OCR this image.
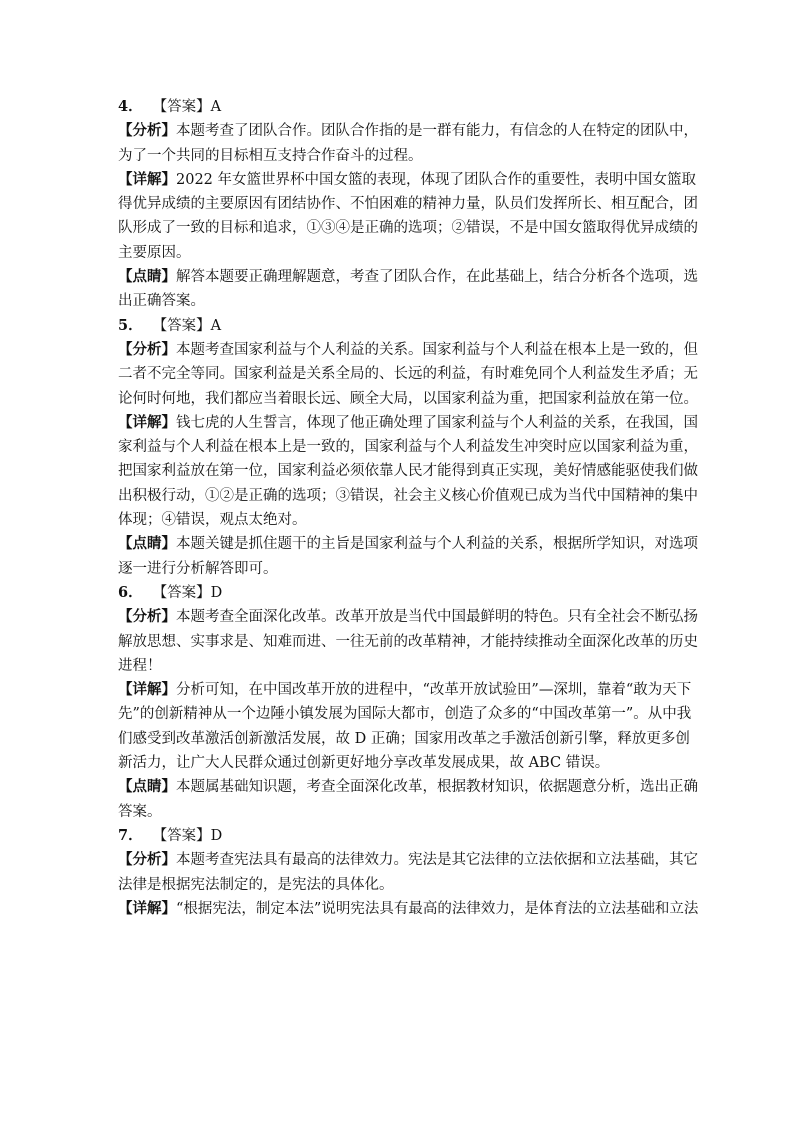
4． 【答案】A
【分析】本题考查了团队合作。团队合作指的是一群有能力，有信念的人在特定的团队中，
为了一个共同的目标相互支持合作奋斗的过程。
【详解】2022 年女篮世界杯中国女篮的表现，体现了团队合作的重要性，表明中国女篮取
得优异成绩的主要原因有团结协作、不怕困难的精神力量，队员们发挥所长、相互配合，团
队形成了一致的目标和追求，①③④是正确的选项；②错误，不是中国女篮取得优异成绩的
主要原因。
【点睛】解答本题要正确理解题意，考查了团队合作，在此基础上，结合分析各个选项，选
出正确答案。
5． 【答案】A
【分析】本题考查国家利益与个人利益的关系。国家利益与个人利益在根本上是一致的，但
二者不完全等同。国家利益是关系全局的、长远的利益，有时难免同个人利益发生矛盾；无
论何时何地，我们都应当着眼长远、顾全大局，以国家利益为重，把国家利益放在第一位。
【详解】钱七虎的人生誓言，体现了他正确处理了国家利益与个人利益的关系，在我国，国
家利益与个人利益在根本上是一致的，国家利益与个人利益发生冲突时应以国家利益为重，
把国家利益放在第一位，国家利益必须依靠人民才能得到真正实现，美好情感能驱使我们做
出积极行动，①②是正确的选项；③错误，社会主义核心价值观已成为当代中国精神的集中
体现；④错误，观点太绝对。
【点睛】本题关键是抓住题干的主旨是国家利益与个人利益的关系，根据所学知识，对选项
逐一进行分析解答即可。
6． 【答案】D
【分析】本题考查全面深化改革。改革开放是当代中国最鲜明的特色。只有全社会不断弘扬
解放思想、实事求是、知难而进、一往无前的改革精神，才能持续推动全面深化改革的历史
进程！
【详解】分析可知，在中国改革开放的进程中，“改革开放试验田”—深圳，靠着“敢为天下
先”的创新精神从一个边陲小镇发展为国际大都市，创造了众多的“中国改革第一”。从中我
们感受到改革激活创新激活发展，故 D 正确；国家用改革之手激活创新引擎，释放更多创
新活力，让广大人民群众通过创新更好地分享改革发展成果，故 ABC 错误。
【点睛】本题属基础知识题，考查全面深化改革，根据教材知识，依据题意分析，选出正确
答案。
7． 【答案】D
【分析】本题考查宪法具有最高的法律效力。宪法是其它法律的立法依据和立法基础，其它
法律是根据宪法制定的，是宪法的具体化。
【详解】“根据宪法，制定本法”说明宪法具有最高的法律效力，是体育法的立法基础和立法
